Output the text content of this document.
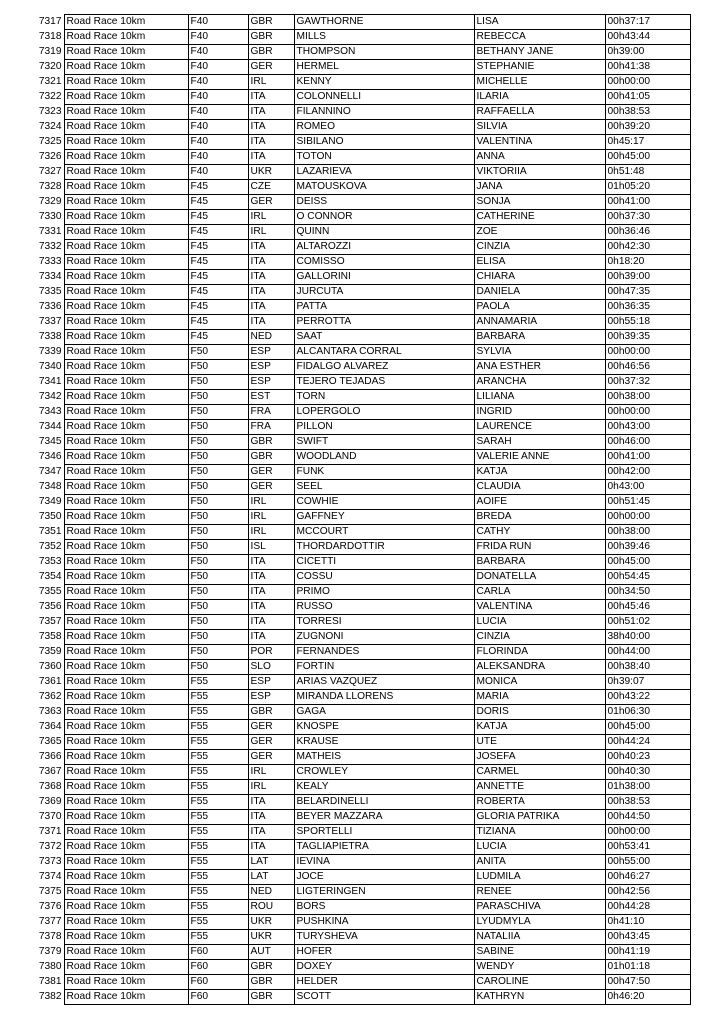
7317	Road Race 10km	F40	GBR	GAWTHORNE	LISA	00h37:17
7318	Road Race 10km	F40	GBR	MILLS	REBECCA	00h43:44
7319	Road Race 10km	F40	GBR	THOMPSON	BETHANY JANE	0h39:00
7320	Road Race 10km	F40	GER	HERMEL	STEPHANIE	00h41:38
7321	Road Race 10km	F40	IRL	KENNY	MICHELLE	00h00:00
7322	Road Race 10km	F40	ITA	COLONNELLI	ILARIA	00h41:05
7323	Road Race 10km	F40	ITA	FILANNINO	RAFFAELLA	00h38:53
7324	Road Race 10km	F40	ITA	ROMEO	SILVIA	00h39:20
7325	Road Race 10km	F40	ITA	SIBILANO	VALENTINA	0h45:17
7326	Road Race 10km	F40	ITA	TOTON	ANNA	00h45:00
7327	Road Race 10km	F40	UKR	LAZARIEVA	VIKTORIIA	0h51:48
7328	Road Race 10km	F45	CZE	MATOUSKOVA	JANA	01h05:20
7329	Road Race 10km	F45	GER	DEISS	SONJA	00h41:00
7330	Road Race 10km	F45	IRL	O CONNOR	CATHERINE	00h37:30
7331	Road Race 10km	F45	IRL	QUINN	ZOE	00h36:46
7332	Road Race 10km	F45	ITA	ALTAROZZI	CINZIA	00h42:30
7333	Road Race 10km	F45	ITA	COMISSO	ELISA	0h18:20
7334	Road Race 10km	F45	ITA	GALLORINI	CHIARA	00h39:00
7335	Road Race 10km	F45	ITA	JURCUTA	DANIELA	00h47:35
7336	Road Race 10km	F45	ITA	PATTA	PAOLA	00h36:35
7337	Road Race 10km	F45	ITA	PERROTTA	ANNAMARIA	00h55:18
7338	Road Race 10km	F45	NED	SAAT	BARBARA	00h39:35
7339	Road Race 10km	F50	ESP	ALCANTARA CORRAL	SYLVIA	00h00:00
7340	Road Race 10km	F50	ESP	FIDALGO ALVAREZ	ANA ESTHER	00h46:56
7341	Road Race 10km	F50	ESP	TEJERO TEJADAS	ARANCHA	00h37:32
7342	Road Race 10km	F50	EST	TORN	LILIANA	00h38:00
7343	Road Race 10km	F50	FRA	LOPERGOLO	INGRID	00h00:00
7344	Road Race 10km	F50	FRA	PILLON	LAURENCE	00h43:00
7345	Road Race 10km	F50	GBR	SWIFT	SARAH	00h46:00
7346	Road Race 10km	F50	GBR	WOODLAND	VALERIE ANNE	00h41:00
7347	Road Race 10km	F50	GER	FUNK	KATJA	00h42:00
7348	Road Race 10km	F50	GER	SEEL	CLAUDIA	0h43:00
7349	Road Race 10km	F50	IRL	COWHIE	AOIFE	00h51:45
7350	Road Race 10km	F50	IRL	GAFFNEY	BREDA	00h00:00
7351	Road Race 10km	F50	IRL	MCCOURT	CATHY	00h38:00
7352	Road Race 10km	F50	ISL	THORDARDOTTIR	FRIDA RUN	00h39:46
7353	Road Race 10km	F50	ITA	CICETTI	BARBARA	00h45:00
7354	Road Race 10km	F50	ITA	COSSU	DONATELLA	00h54:45
7355	Road Race 10km	F50	ITA	PRIMO	CARLA	00h34:50
7356	Road Race 10km	F50	ITA	RUSSO	VALENTINA	00h45:46
7357	Road Race 10km	F50	ITA	TORRESI	LUCIA	00h51:02
7358	Road Race 10km	F50	ITA	ZUGNONI	CINZIA	38h40:00
7359	Road Race 10km	F50	POR	FERNANDES	FLORINDA	00h44:00
7360	Road Race 10km	F50	SLO	FORTIN	ALEKSANDRA	00h38:40
7361	Road Race 10km	F55	ESP	ARIAS VAZQUEZ	MONICA	0h39:07
7362	Road Race 10km	F55	ESP	MIRANDA LLORENS	MARIA	00h43:22
7363	Road Race 10km	F55	GBR	GAGA	DORIS	01h06:30
7364	Road Race 10km	F55	GER	KNOSPE	KATJA	00h45:00
7365	Road Race 10km	F55	GER	KRAUSE	UTE	00h44:24
7366	Road Race 10km	F55	GER	MATHEIS	JOSEFA	00h40:23
7367	Road Race 10km	F55	IRL	CROWLEY	CARMEL	00h40:30
7368	Road Race 10km	F55	IRL	KEALY	ANNETTE	01h38:00
7369	Road Race 10km	F55	ITA	BELARDINELLI	ROBERTA	00h38:53
7370	Road Race 10km	F55	ITA	BEYER MAZZARA	GLORIA PATRIKA	00h44:50
7371	Road Race 10km	F55	ITA	SPORTELLI	TIZIANA	00h00:00
7372	Road Race 10km	F55	ITA	TAGLIAPIETRA	LUCIA	00h53:41
7373	Road Race 10km	F55	LAT	IEVINA	ANITA	00h55:00
7374	Road Race 10km	F55	LAT	JOCE	LUDMILA	00h46:27
7375	Road Race 10km	F55	NED	LIGTERINGEN	RENEE	00h42:56
7376	Road Race 10km	F55	ROU	BORS	PARASCHIVA	00h44:28
7377	Road Race 10km	F55	UKR	PUSHKINA	LYUDMYLA	0h41:10
7378	Road Race 10km	F55	UKR	TURYSHEVA	NATALIIA	00h43:45
7379	Road Race 10km	F60	AUT	HOFER	SABINE	00h41:19
7380	Road Race 10km	F60	GBR	DOXEY	WENDY	01h01:18
7381	Road Race 10km	F60	GBR	HELDER	CAROLINE	00h47:50
7382	Road Race 10km	F60	GBR	SCOTT	KATHRYN	0h46:20
